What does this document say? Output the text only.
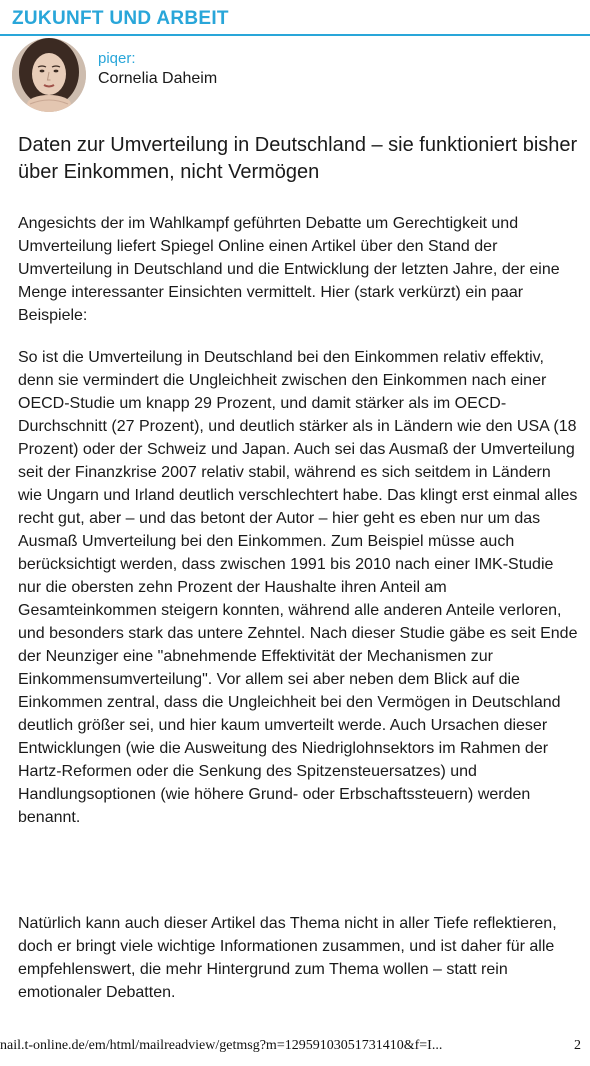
ZUKUNFT UND ARBEIT
piqer:
Cornelia Daheim
Daten zur Umverteilung in Deutschland – sie funktioniert bisher über Einkommen, nicht Vermögen
Angesichts der im Wahlkampf geführten Debatte um Gerechtigkeit und Umverteilung liefert Spiegel Online einen Artikel über den Stand der Umverteilung in Deutschland und die Entwicklung der letzten Jahre, der eine Menge interessanter Einsichten vermittelt. Hier (stark verkürzt) ein paar Beispiele:
So ist die Umverteilung in Deutschland bei den Einkommen relativ effektiv, denn sie vermindert die Ungleichheit zwischen den Einkommen nach einer OECD-Studie um knapp 29 Prozent, und damit stärker als im OECD-Durchschnitt (27 Prozent), und deutlich stärker als in Ländern wie den USA (18 Prozent) oder der Schweiz und Japan. Auch sei das Ausmaß der Umverteilung seit der Finanzkrise 2007 relativ stabil, während es sich seitdem in Ländern wie Ungarn und Irland deutlich verschlechtert habe. Das klingt erst einmal alles recht gut, aber – und das betont der Autor – hier geht es eben nur um das Ausmaß Umverteilung bei den Einkommen. Zum Beispiel müsse auch berücksichtigt werden, dass zwischen 1991 bis 2010 nach einer IMK-Studie nur die obersten zehn Prozent der Haushalte ihren Anteil am Gesamteinkommen steigern konnten, während alle anderen Anteile verloren, und besonders stark das untere Zehntel. Nach dieser Studie gäbe es seit Ende der Neunziger eine "abnehmende Effektivität der Mechanismen zur Einkommensumverteilung". Vor allem sei aber neben dem Blick auf die Einkommen zentral, dass die Ungleichheit bei den Vermögen in Deutschland deutlich größer sei, und hier kaum umverteilt werde. Auch Ursachen dieser Entwicklungen (wie die Ausweitung des Niedriglohnsektors im Rahmen der Hartz-Reformen oder die Senkung des Spitzensteuersatzes) und Handlungsoptionen (wie höhere Grund- oder Erbschaftssteuern) werden benannt.
Natürlich kann auch dieser Artikel das Thema nicht in aller Tiefe reflektieren, doch er bringt viele wichtige Informationen zusammen, und ist daher für alle empfehlenswert, die mehr Hintergrund zum Thema wollen – statt rein emotionaler Debatten.
nail.t-online.de/em/html/mailreadview/getmsg?m=12959103051731410&f=I...	2
